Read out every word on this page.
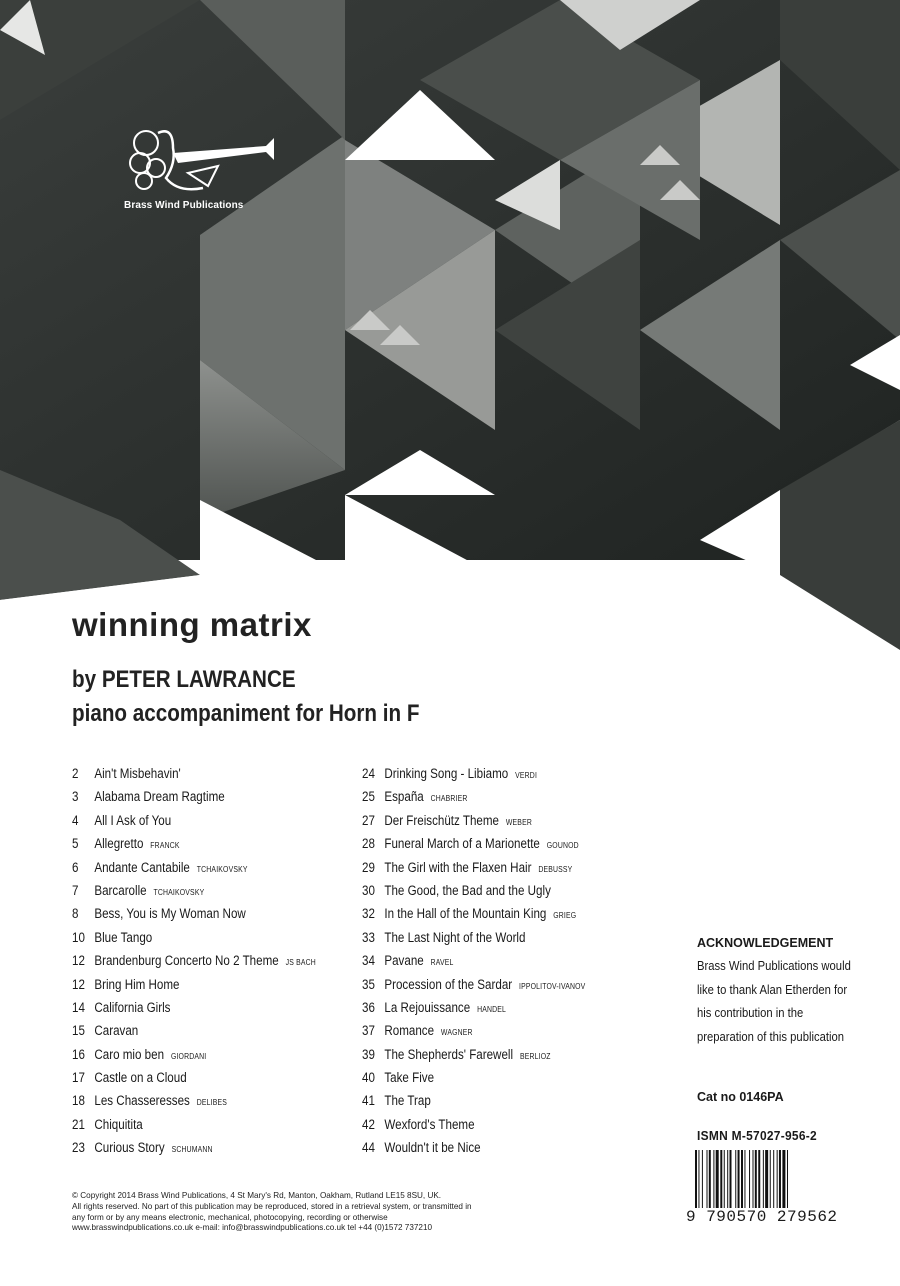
Brass Wind Publications
winning matrix
by PETER LAWRANCE
piano accompaniment for Horn in F
2 Ain't Misbehavin'
3 Alabama Dream Ragtime
4 All I Ask of You
5 Allegretto FRANCK
6 Andante Cantabile TCHAIKOVSKY
7 Barcarolle TCHAIKOVSKY
8 Bess, You is My Woman Now
10 Blue Tango
12 Brandenburg Concerto No 2 Theme JS BACH
12 Bring Him Home
14 California Girls
15 Caravan
16 Caro mio ben GIORDANI
17 Castle on a Cloud
18 Les Chasseresses DELIBES
21 Chiquitita
23 Curious Story SCHUMANN
24 Drinking Song - Libiamo VERDI
25 España CHABRIER
27 Der Freischütz Theme WEBER
28 Funeral March of a Marionette GOUNOD
29 The Girl with the Flaxen Hair DEBUSSY
30 The Good, the Bad and the Ugly
32 In the Hall of the Mountain King GRIEG
33 The Last Night of the World
34 Pavane RAVEL
35 Procession of the Sardar IPPOLITOV-IVANOV
36 La Rejouissance HANDEL
37 Romance WAGNER
39 The Shepherds' Farewell BERLIOZ
40 Take Five
41 The Trap
42 Wexford's Theme
44 Wouldn't it be Nice
ACKNOWLEDGEMENT
Brass Wind Publications would
like to thank Alan Etherden for
his contribution in the
preparation of this publication
Cat no 0146PA
ISMN M-57027-956-2
9 790570 279562
© Copyright 2014 Brass Wind Publications, 4 St Mary's Rd, Manton, Oakham, Rutland LE15 8SU, UK.
All rights reserved. No part of this publication may be reproduced, stored in a retrieval system, or transmitted in
any form or by any means electronic, mechanical, photocopying, recording or otherwise
www.brasswindpublications.co.uk e-mail: info@brasswindpublications.co.uk tel +44 (0)1572 737210
